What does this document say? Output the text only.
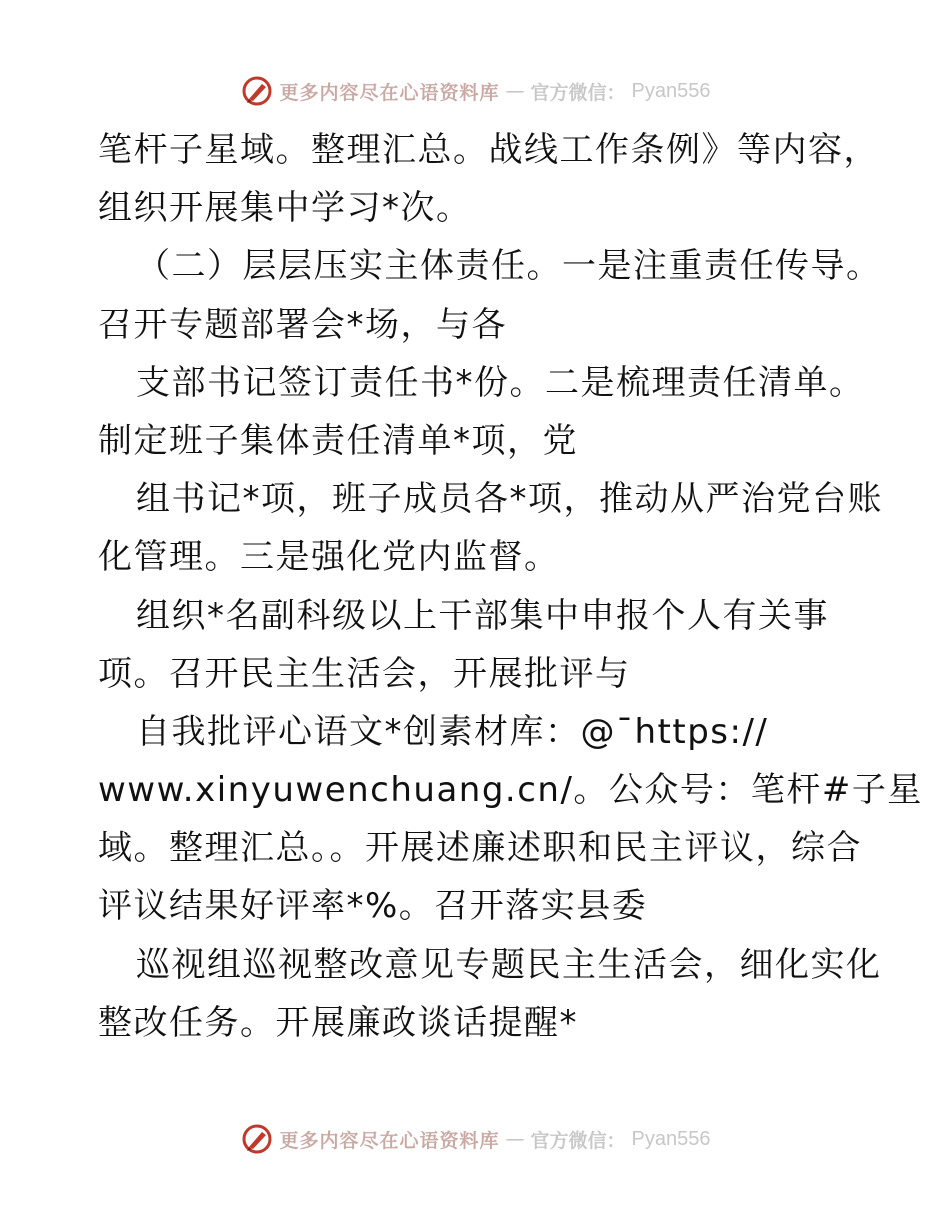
更多内容尽在心语资料库 — 官方微信： Pyan556
笔杆子星域。整理汇总。战线工作条例》等内容，
组织开展集中学习*次。
（二）层层压实主体责任。一是注重责任传导。
召开专题部署会*场，与各
支部书记签订责任书*份。二是梳理责任清单。
制定班子集体责任清单*项，党
组书记*项，班子成员各*项，推动从严治党台账
化管理。三是强化党内监督。
组织*名副科级以上干部集中申报个人有关事
项。召开民主生活会，开展批评与
自我批评心语文*创素材库：@¯https://
www.xinyuwenchuang.cn/。公众号：笔杆#子星
域。整理汇总。。开展述廉述职和民主评议，综合
评议结果好评率*%。召开落实县委
巡视组巡视整改意见专题民主生活会，细化实化
整改任务。开展廉政谈话提醒*
更多内容尽在心语资料库 — 官方微信： Pyan556
